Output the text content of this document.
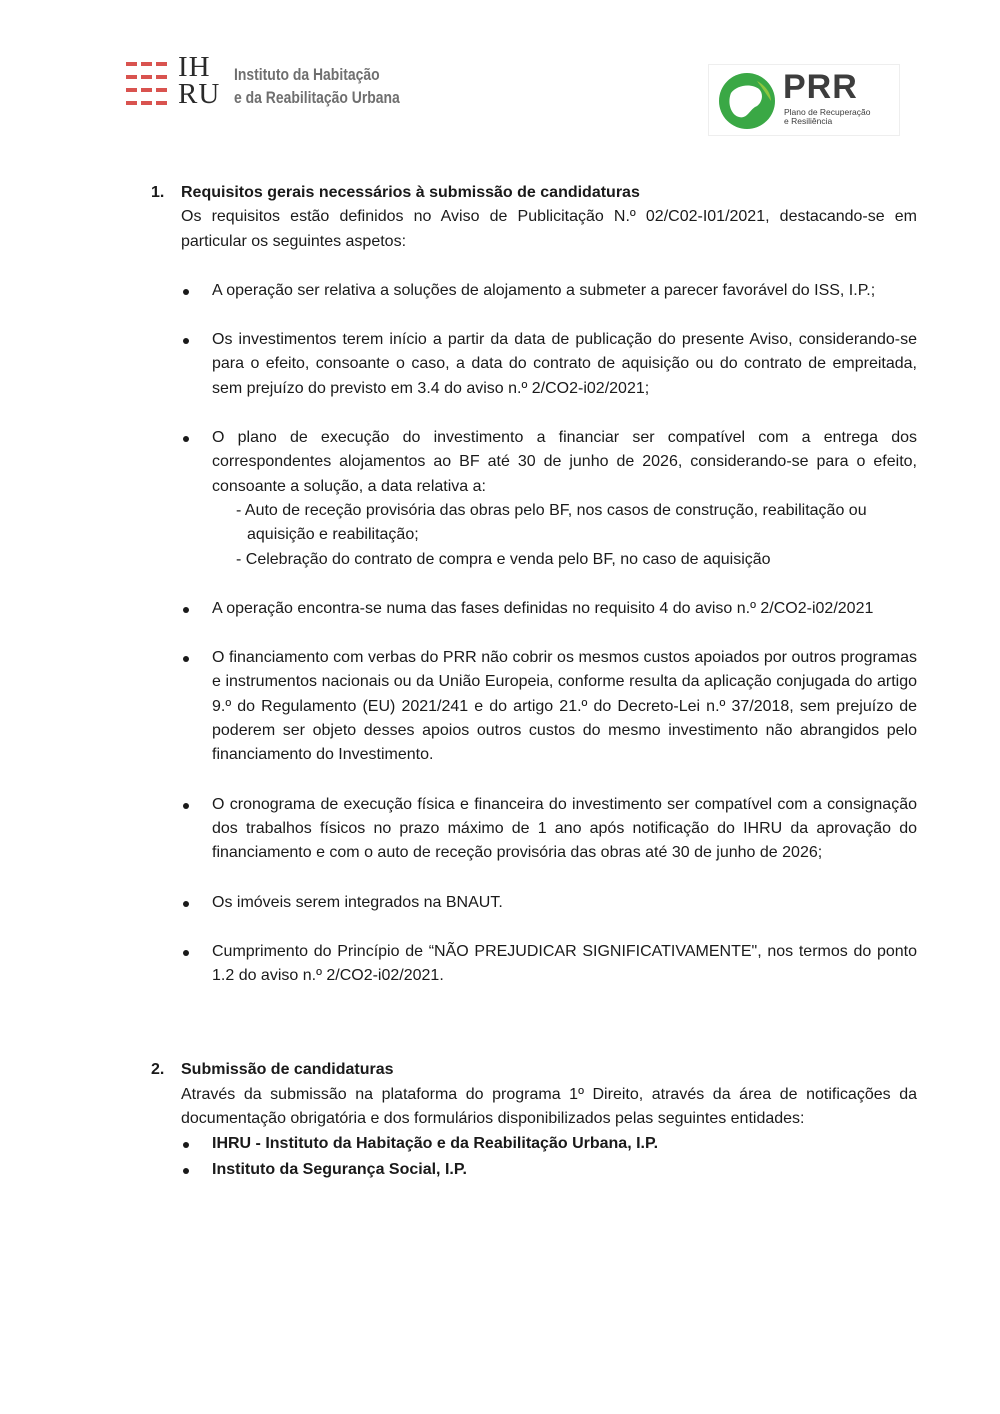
IH
RU
Instituto da Habitação
e da Reabilitação Urbana	PRR
Plano de Recuperação
e Resiliência
1. Requisitos gerais necessários à submissão de candidaturas
Os requisitos estão definidos no Aviso de Publicitação N.º 02/C02-I01/2021, destacando-se em particular os seguintes aspetos:
A operação ser relativa a soluções de alojamento a submeter a parecer favorável do ISS, I.P.;
Os investimentos terem início a partir da data de publicação do presente Aviso, considerando-se para o efeito, consoante o caso, a data do contrato de aquisição ou do contrato de empreitada, sem prejuízo do previsto em 3.4 do aviso n.º 2/CO2-i02/2021;
O plano de execução do investimento a financiar ser compatível com a entrega dos correspondentes alojamentos ao BF até 30 de junho de 2026, considerando-se para o efeito, consoante a solução, a data relativa a:
- Auto de receção provisória das obras pelo BF, nos casos de construção, reabilitação ou aquisição e reabilitação;
- Celebração do contrato de compra e venda pelo BF, no caso de aquisição
A operação encontra-se numa das fases definidas no requisito 4 do aviso n.º 2/CO2-i02/2021
O financiamento com verbas do PRR não cobrir os mesmos custos apoiados por outros programas e instrumentos nacionais ou da União Europeia, conforme resulta da aplicação conjugada do artigo 9.º do Regulamento (EU) 2021/241 e do artigo 21.º do Decreto-Lei n.º 37/2018, sem prejuízo de poderem ser objeto desses apoios outros custos do mesmo investimento não abrangidos pelo financiamento do Investimento.
O cronograma de execução física e financeira do investimento ser compatível com a consignação dos trabalhos físicos no prazo máximo de 1 ano após notificação do IHRU da aprovação do financiamento e com o auto de receção provisória das obras até 30 de junho de 2026;
Os imóveis serem integrados na BNAUT.
Cumprimento do Princípio de “NÃO PREJUDICAR SIGNIFICATIVAMENTE", nos termos do ponto 1.2 do aviso n.º 2/CO2-i02/2021.
2. Submissão de candidaturas
Através da submissão na plataforma do programa 1º Direito, através da área de notificações da documentação obrigatória e dos formulários disponibilizados pelas seguintes entidades:
IHRU - Instituto da Habitação e da Reabilitação Urbana, I.P.
Instituto da Segurança Social, I.P.
